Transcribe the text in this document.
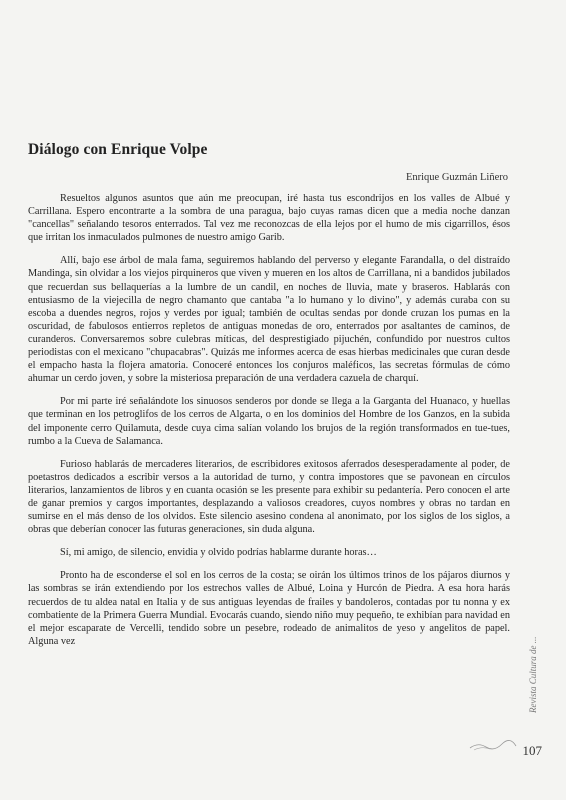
Diálogo con Enrique Volpe
Enrique Guzmán Liñero

Resueltos algunos asuntos que aún me preocupan, iré hasta tus escondrijos en los valles de Albué y Carrillana. Espero encontrarte a la sombra de una paragua, bajo cuyas ramas dicen que a media noche danzan "cancellas" señalando tesoros enterrados. Tal vez me reconozcas de ella lejos por el humo de mis cigarrillos, ésos que irritan los inmaculados pulmones de nuestro amigo Garib.

Allí, bajo ese árbol de mala fama, seguiremos hablando del perverso y elegante Farandalla, o del distraído Mandinga, sin olvidar a los viejos pirquineros que viven y mueren en los altos de Carrillana, ni a bandidos jubilados que recuerdan sus bellaquerías a la lumbre de un candil, en noches de lluvia, mate y braseros. Hablarás con entusiasmo de la viejecilla de negro chamanto que cantaba "a lo humano y lo divino", y además curaba con su escoba a duendes negros, rojos y verdes por igual; también de ocultas sendas por donde cruzan los pumas en la oscuridad, de fabulosos entierros repletos de antiguas monedas de oro, enterrados por asaltantes de caminos, de curanderos. Conversaremos sobre culebras míticas, del desprestigiado pijuchén, confundido por nuestros cultos periodistas con el mexicano "chupacabras". Quizás me informes acerca de esas hierbas medicinales que curan desde el empacho hasta la flojera amatoria. Conoceré entonces los conjuros maléficos, las secretas fórmulas de cómo ahumar un cerdo joven, y sobre la misteriosa preparación de una verdadera cazuela de charquí.

Por mi parte iré señalándote los sinuosos senderos por donde se llega a la Garganta del Huanaco, y huellas que terminan en los petroglifos de los cerros de Algarta, o en los dominios del Hombre de los Ganzos, en la subida del imponente cerro Quilamuta, desde cuya cima salían volando los brujos de la región transformados en tue-tues, rumbo a la Cueva de Salamanca.

Furioso hablarás de mercaderes literarios, de escribidores exitosos aferrados desesperadamente al poder, de poetastros dedicados a escribir versos a la autoridad de turno, y contra impostores que se pavonean en círculos literarios, lanzamientos de libros y en cuanta ocasión se les presente para exhibir su pedantería. Pero conocen el arte de ganar premios y cargos importantes, desplazando a valiosos creadores, cuyos nombres y obras no tardan en sumirse en el más denso de los olvidos. Este silencio asesino condena al anonimato, por los siglos de los siglos, a obras que deberían conocer las futuras generaciones, sin duda alguna.

Sí, mi amigo, de silencio, envidia y olvido podrías hablarme durante horas…

Pronto ha de esconderse el sol en los cerros de la costa; se oirán los últimos trinos de los pájaros diurnos y las sombras se irán extendiendo por los estrechos valles de Albué, Loina y Hurcón de Piedra. A esa hora harás recuerdos de tu aldea natal en Italia y de sus antiguas leyendas de frailes y bandoleros, contadas por tu nonna y ex combatiente de la Primera Guerra Mundial. Evocarás cuando, siendo niño muy pequeño, te exhibían para navidad en el mejor escaparate de Vercelli, tendido sobre un pesebre, rodeado de animalitos de yeso y angelitos de papel. Alguna vez	Revista Cultura de ...
107
